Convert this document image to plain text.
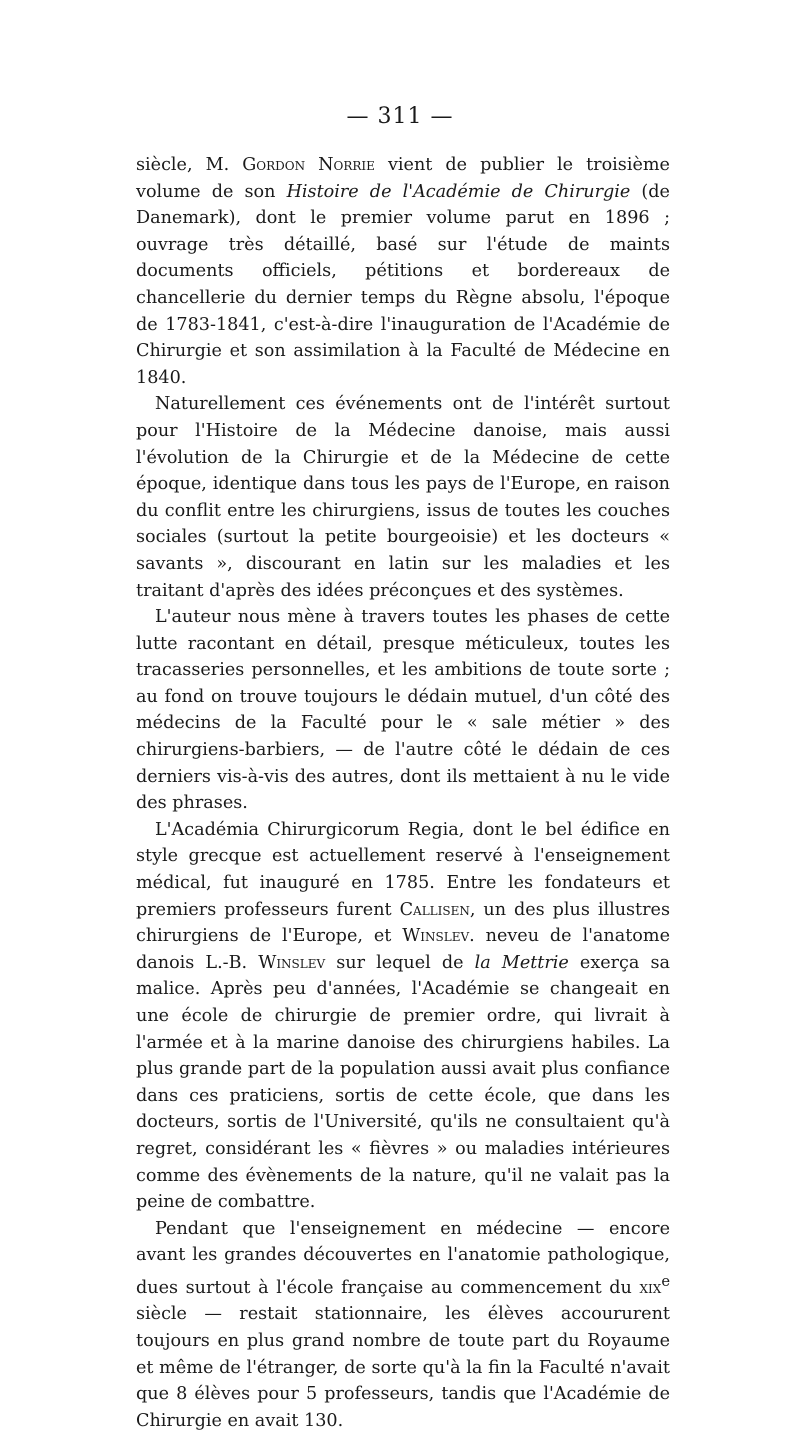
— 311 —

siècle, M. Gordon Norrie vient de publier le troisième volume de son Histoire de l'Académie de Chirurgie (de Danemark), dont le premier volume parut en 1896 ; ouvrage très détaillé, basé sur l'étude de maints documents officiels, pétitions et bordereaux de chancellerie du dernier temps du Règne absolu, l'époque de 1783-1841, c'est-à-dire l'inauguration de l'Académie de Chirurgie et son assimilation à la Faculté de Médecine en 1840.

Naturellement ces événements ont de l'intérêt surtout pour l'Histoire de la Médecine danoise, mais aussi l'évolution de la Chirurgie et de la Médecine de cette époque, identique dans tous les pays de l'Europe, en raison du conflit entre les chirurgiens, issus de toutes les couches sociales (surtout la petite bourgeoisie) et les docteurs « savants », discourant en latin sur les maladies et les traitant d'après des idées préconçues et des systèmes.

L'auteur nous mène à travers toutes les phases de cette lutte racontant en détail, presque méticuleux, toutes les tracasseries personnelles, et les ambitions de toute sorte ; au fond on trouve toujours le dédain mutuel, d'un côté des médecins de la Faculté pour le « sale métier » des chirurgiens-barbiers, — de l'autre côté le dédain de ces derniers vis-à-vis des autres, dont ils mettaient à nu le vide des phrases.

L'Académia Chirurgicorum Regia, dont le bel édifice en style grecque est actuellement reservé à l'enseignement médical, fut inauguré en 1785. Entre les fondateurs et premiers professeurs furent Callisen, un des plus illustres chirurgiens de l'Europe, et Winslev. neveu de l'anatome danois L.-B. Winslev sur lequel de la Mettrie exerça sa malice. Après peu d'années, l'Académie se changeait en une école de chirurgie de premier ordre, qui livrait à l'armée et à la marine danoise des chirurgiens habiles. La plus grande part de la population aussi avait plus confiance dans ces praticiens, sortis de cette école, que dans les docteurs, sortis de l'Université, qu'ils ne consultaient qu'à regret, considérant les « fièvres » ou maladies intérieures comme des évènements de la nature, qu'il ne valait pas la peine de combattre.

Pendant que l'enseignement en médecine — encore avant les grandes découvertes en l'anatomie pathologique, dues surtout à l'école française au commencement du xix$^e$ siècle — restait stationnaire, les élèves accoururent toujours en plus grand nombre de toute part du Royaume et même de l'étranger, de sorte qu'à la fin la Faculté n'avait que 8 élèves pour 5 professeurs, tandis que l'Académie de Chirurgie en avait 130.
